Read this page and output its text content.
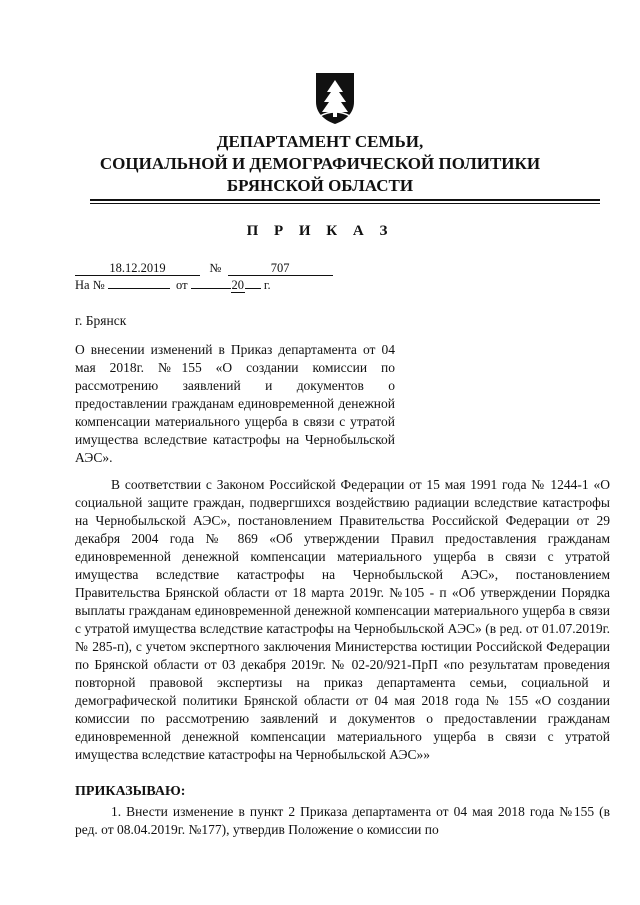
ДЕПАРТАМЕНТ СЕМЬИ,
СОЦИАЛЬНОЙ И ДЕМОГРАФИЧЕСКОЙ ПОЛИТИКИ
БРЯНСКОЙ ОБЛАСТИ
П Р И К А З
18.12.2019	№	707
На №	от	20 г.
г. Брянск
О внесении изменений в Приказ департамента от 04 мая 2018г. №155 «О создании комиссии по рассмотрению заявлений и документов о предоставлении гражданам единовременной денежной компенсации материального ущерба в связи с утратой имущества вследствие катастрофы на Чернобыльской АЭС».

В соответствии с Законом Российской Федерации от 15 мая 1991 года № 1244-1 «О социальной защите граждан, подвергшихся воздействию радиации вследствие катастрофы на Чернобыльской АЭС», постановлением Правительства Российской Федерации от 29 декабря 2004 года № 869 «Об утверждении Правил предоставления гражданам единовременной денежной компенсации материального ущерба в связи с утратой имущества вследствие катастрофы на Чернобыльской АЭС», постановлением Правительства Брянской области от 18 марта 2019г. №105 - п «Об утверждении Порядка выплаты гражданам единовременной денежной компенсации материального ущерба в связи с утратой имущества вследствие катастрофы на Чернобыльской АЭС» (в ред. от 01.07.2019г. № 285-п), с учетом экспертного заключения Министерства юстиции Российской Федерации по Брянской области от 03 декабря 2019г. № 02-20/921-ПрП «по результатам проведения повторной правовой экспертизы на приказ департамента семьи, социальной и демографической политики Брянской области от 04 мая 2018 года № 155 «О создании комиссии по рассмотрению заявлений и документов о предоставлении гражданам единовременной денежной компенсации материального ущерба в связи с утратой имущества вследствие катастрофы на Чернобыльской АЭС»»

ПРИКАЗЫВАЮ:

1. Внести изменение в пункт 2 Приказа департамента от 04 мая 2018 года №155 (в ред. от 08.04.2019г. №177), утвердив Положение о комиссии по
